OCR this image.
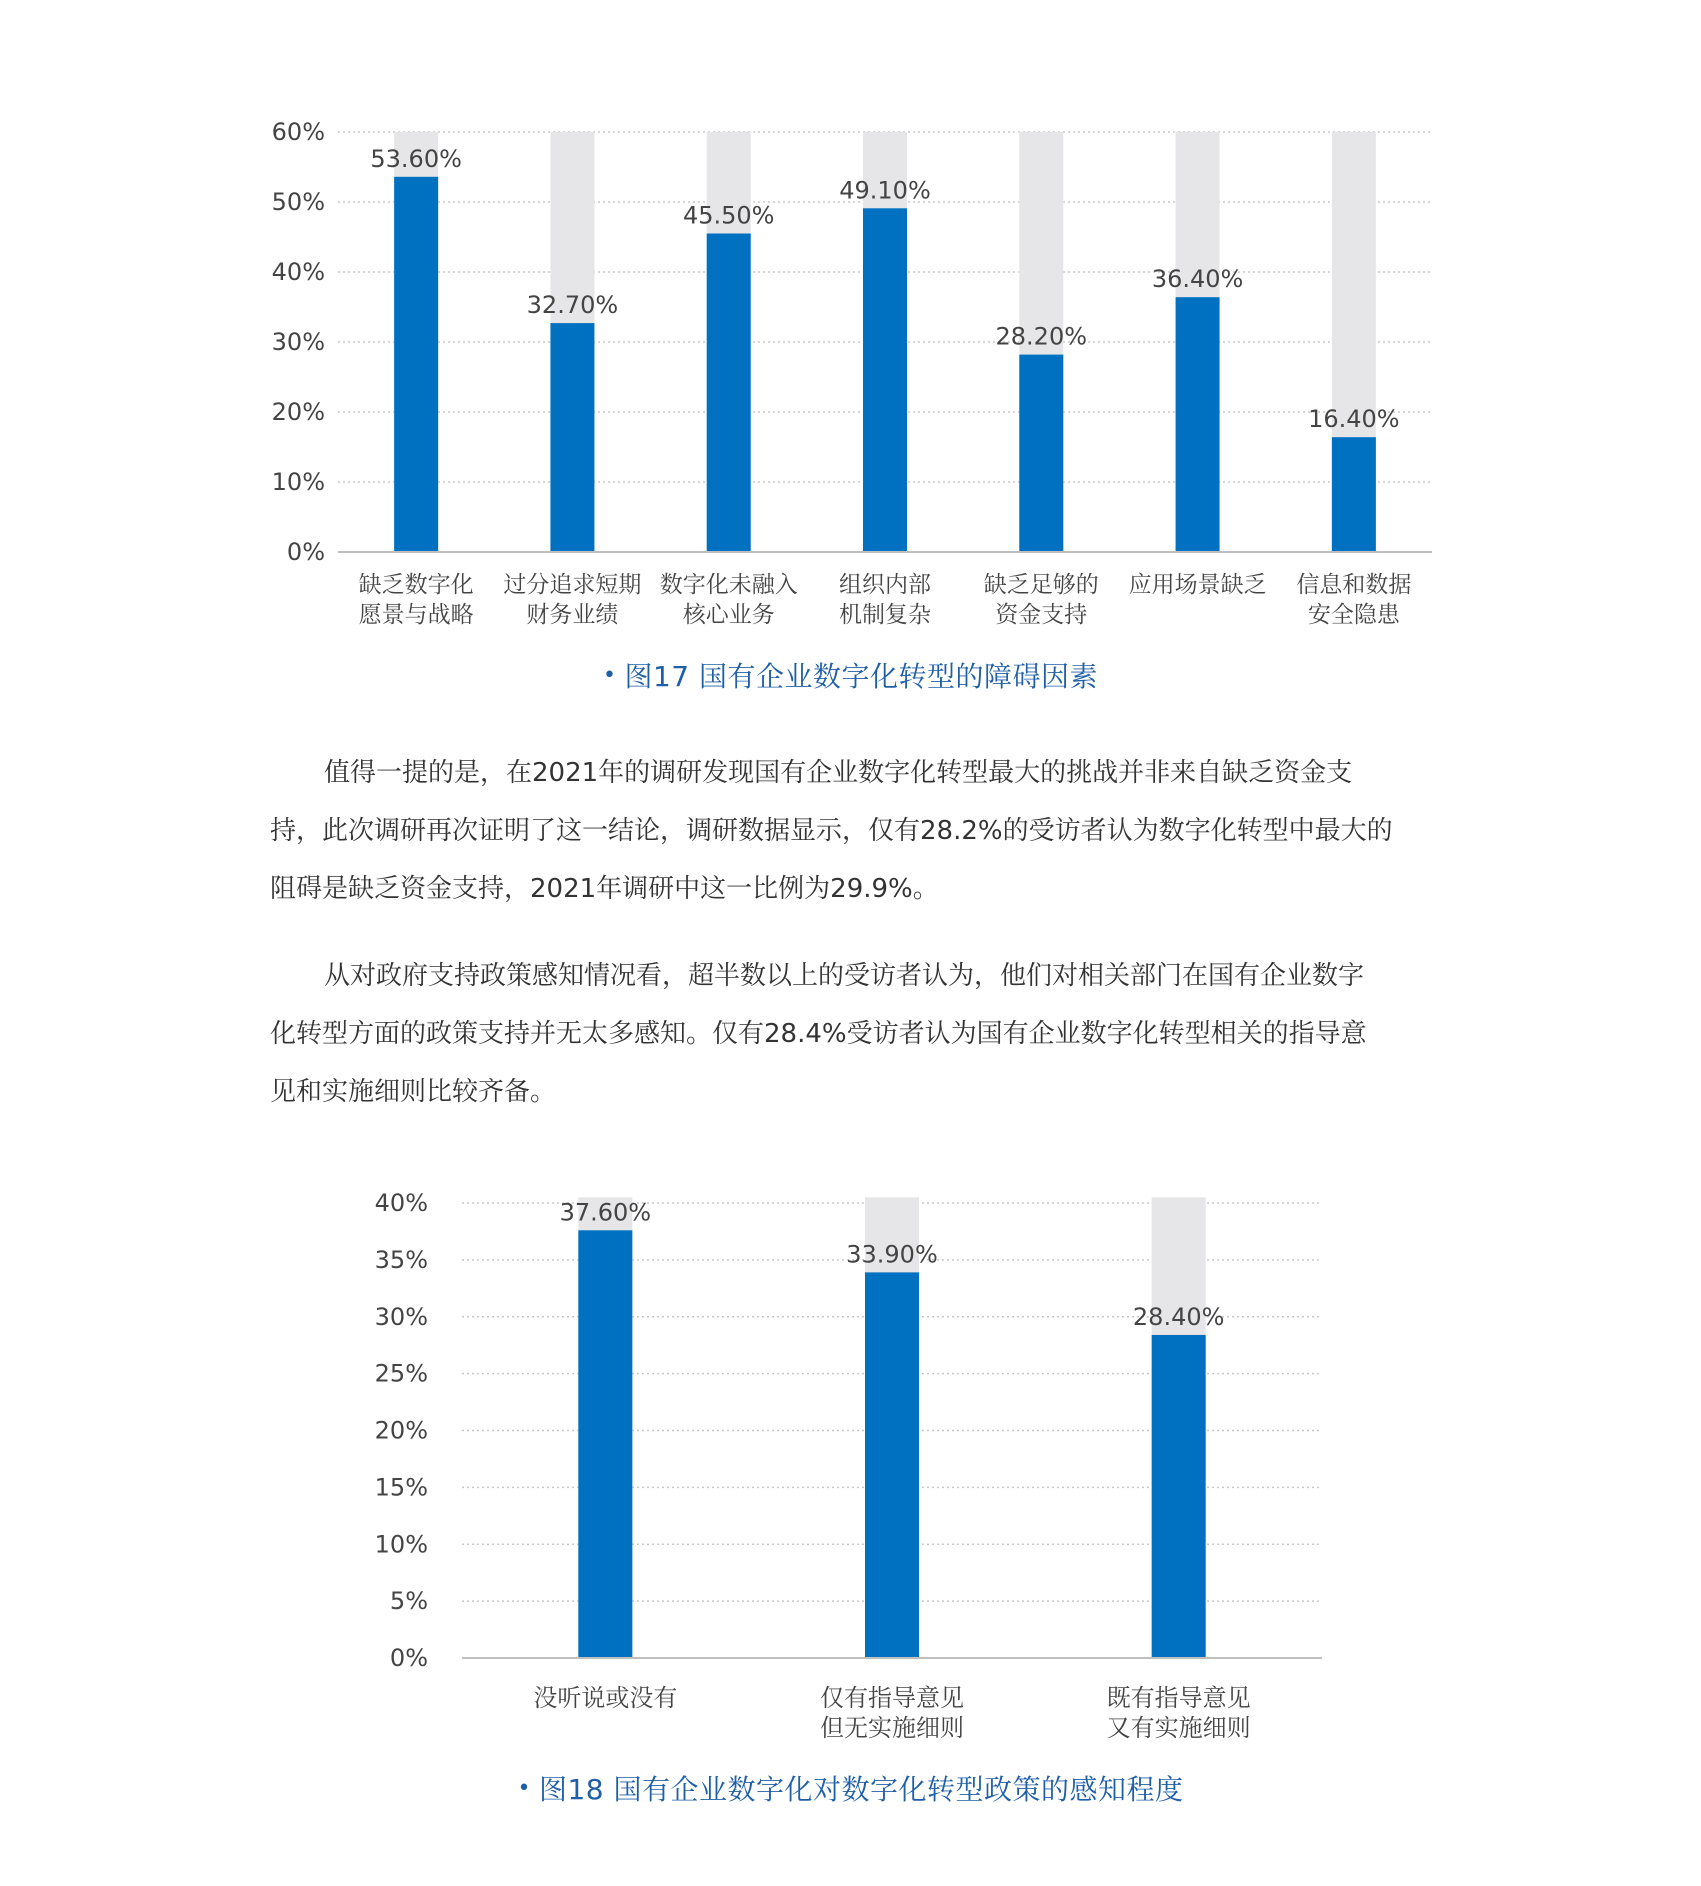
0%
10%
20%
30%
40%
50%
60%
53.60%
缺乏数字化
愿景与战略
32.70%
过分追求短期
财务业绩
45.50%
数字化未融入
核心业务
49.10%
组织内部
机制复杂
28.20%
缺乏足够的
资金支持
36.40%
应用场景缺乏
16.40%
信息和数据
安全隐患
• 图17 国有企业数字化转型的障碍因素
值得一提的是，在2021年的调研发现国有企业数字化转型最大的挑战并非来自缺乏资金支
持，此次调研再次证明了这一结论，调研数据显示，仅有28.2%的受访者认为数字化转型中最大的
阻碍是缺乏资金支持，2021年调研中这一比例为29.9%。
从对政府支持政策感知情况看，超半数以上的受访者认为，他们对相关部门在国有企业数字
化转型方面的政策支持并无太多感知。仅有28.4%受访者认为国有企业数字化转型相关的指导意
见和实施细则比较齐备。
0%
5%
10%
15%
20%
25%
30%
35%
40%	37.60%
没听说或没有
33.90%
仅有指导意见
但无实施细则
28.40%
既有指导意见
又有实施细则
• 图18 国有企业数字化对数字化转型政策的感知程度
